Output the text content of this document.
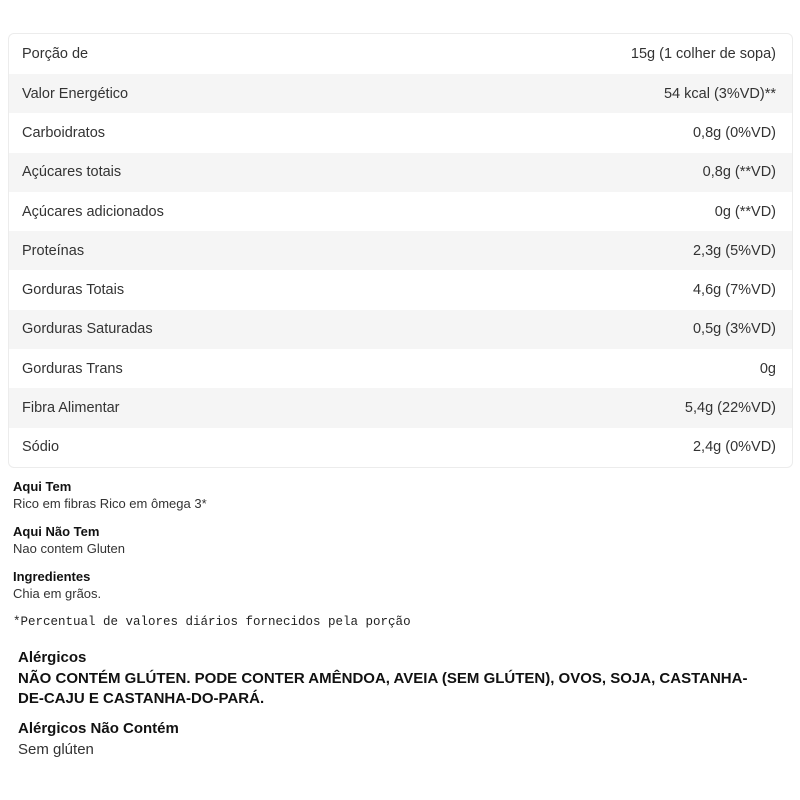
Porção de	15g (1 colher de sopa)
Valor Energético	54 kcal (3%VD)**
Carboidratos	0,8g (0%VD)
Açúcares totais	0,8g (**VD)
Açúcares adicionados	0g (**VD)
Proteínas	2,3g (5%VD)
Gorduras Totais	4,6g (7%VD)
Gorduras Saturadas	0,5g (3%VD)
Gorduras Trans	0g
Fibra Alimentar	5,4g (22%VD)
Sódio	2,4g (0%VD)
Aqui Tem
Rico em fibras Rico em ômega 3*
Aqui Não Tem
Nao contem Gluten
Ingredientes
Chia em grãos.
*Percentual de valores diários fornecidos pela porção
Alérgicos
NÃO CONTÉM GLÚTEN. PODE CONTER AMÊNDOA, AVEIA (SEM GLÚTEN), OVOS, SOJA, CASTANHA-DE-CAJU E CASTANHA-DO-PARÁ.
Alérgicos Não Contém
Sem glúten
